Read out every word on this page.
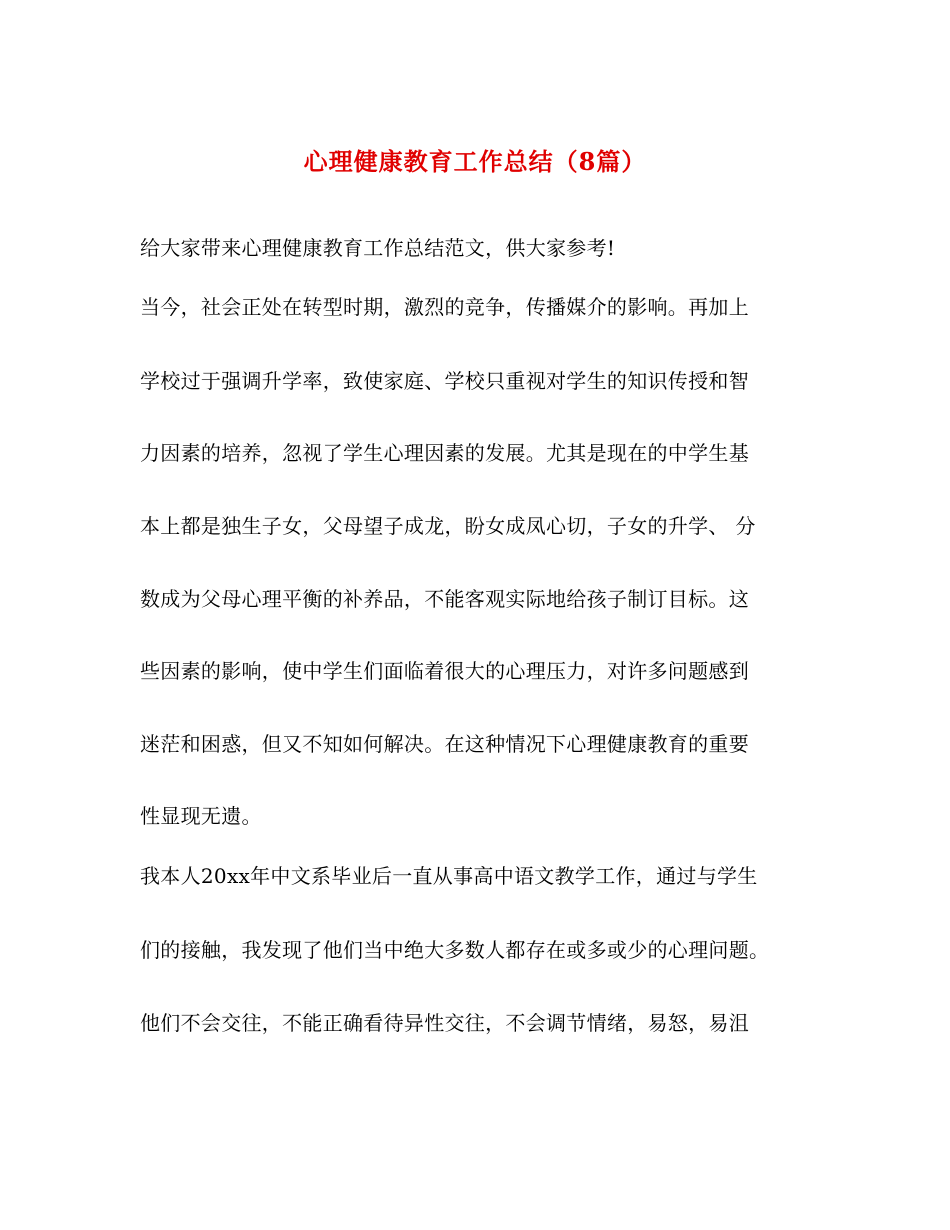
心理健康教育工作总结（8篇）
给大家带来心理健康教育工作总结范文，供大家参考!
当今，社会正处在转型时期，激烈的竞争，传播媒介的影响。再加上
学校过于强调升学率，致使家庭、学校只重视对学生的知识传授和智
力因素的培养，忽视了学生心理因素的发展。尤其是现在的中学生基
本上都是独生子女，父母望子成龙，盼女成凤心切，子女的升学、 分
数成为父母心理平衡的补养品，不能客观实际地给孩子制订目标。这
些因素的影响，使中学生们面临着很大的心理压力，对许多问题感到
迷茫和困惑，但又不知如何解决。在这种情况下心理健康教育的重要
性显现无遗。
我本人20xx年中文系毕业后一直从事高中语文教学工作，通过与学生
们的接触，我发现了他们当中绝大多数人都存在或多或少的心理问题。
他们不会交往，不能正确看待异性交往，不会调节情绪，易怒，易沮
